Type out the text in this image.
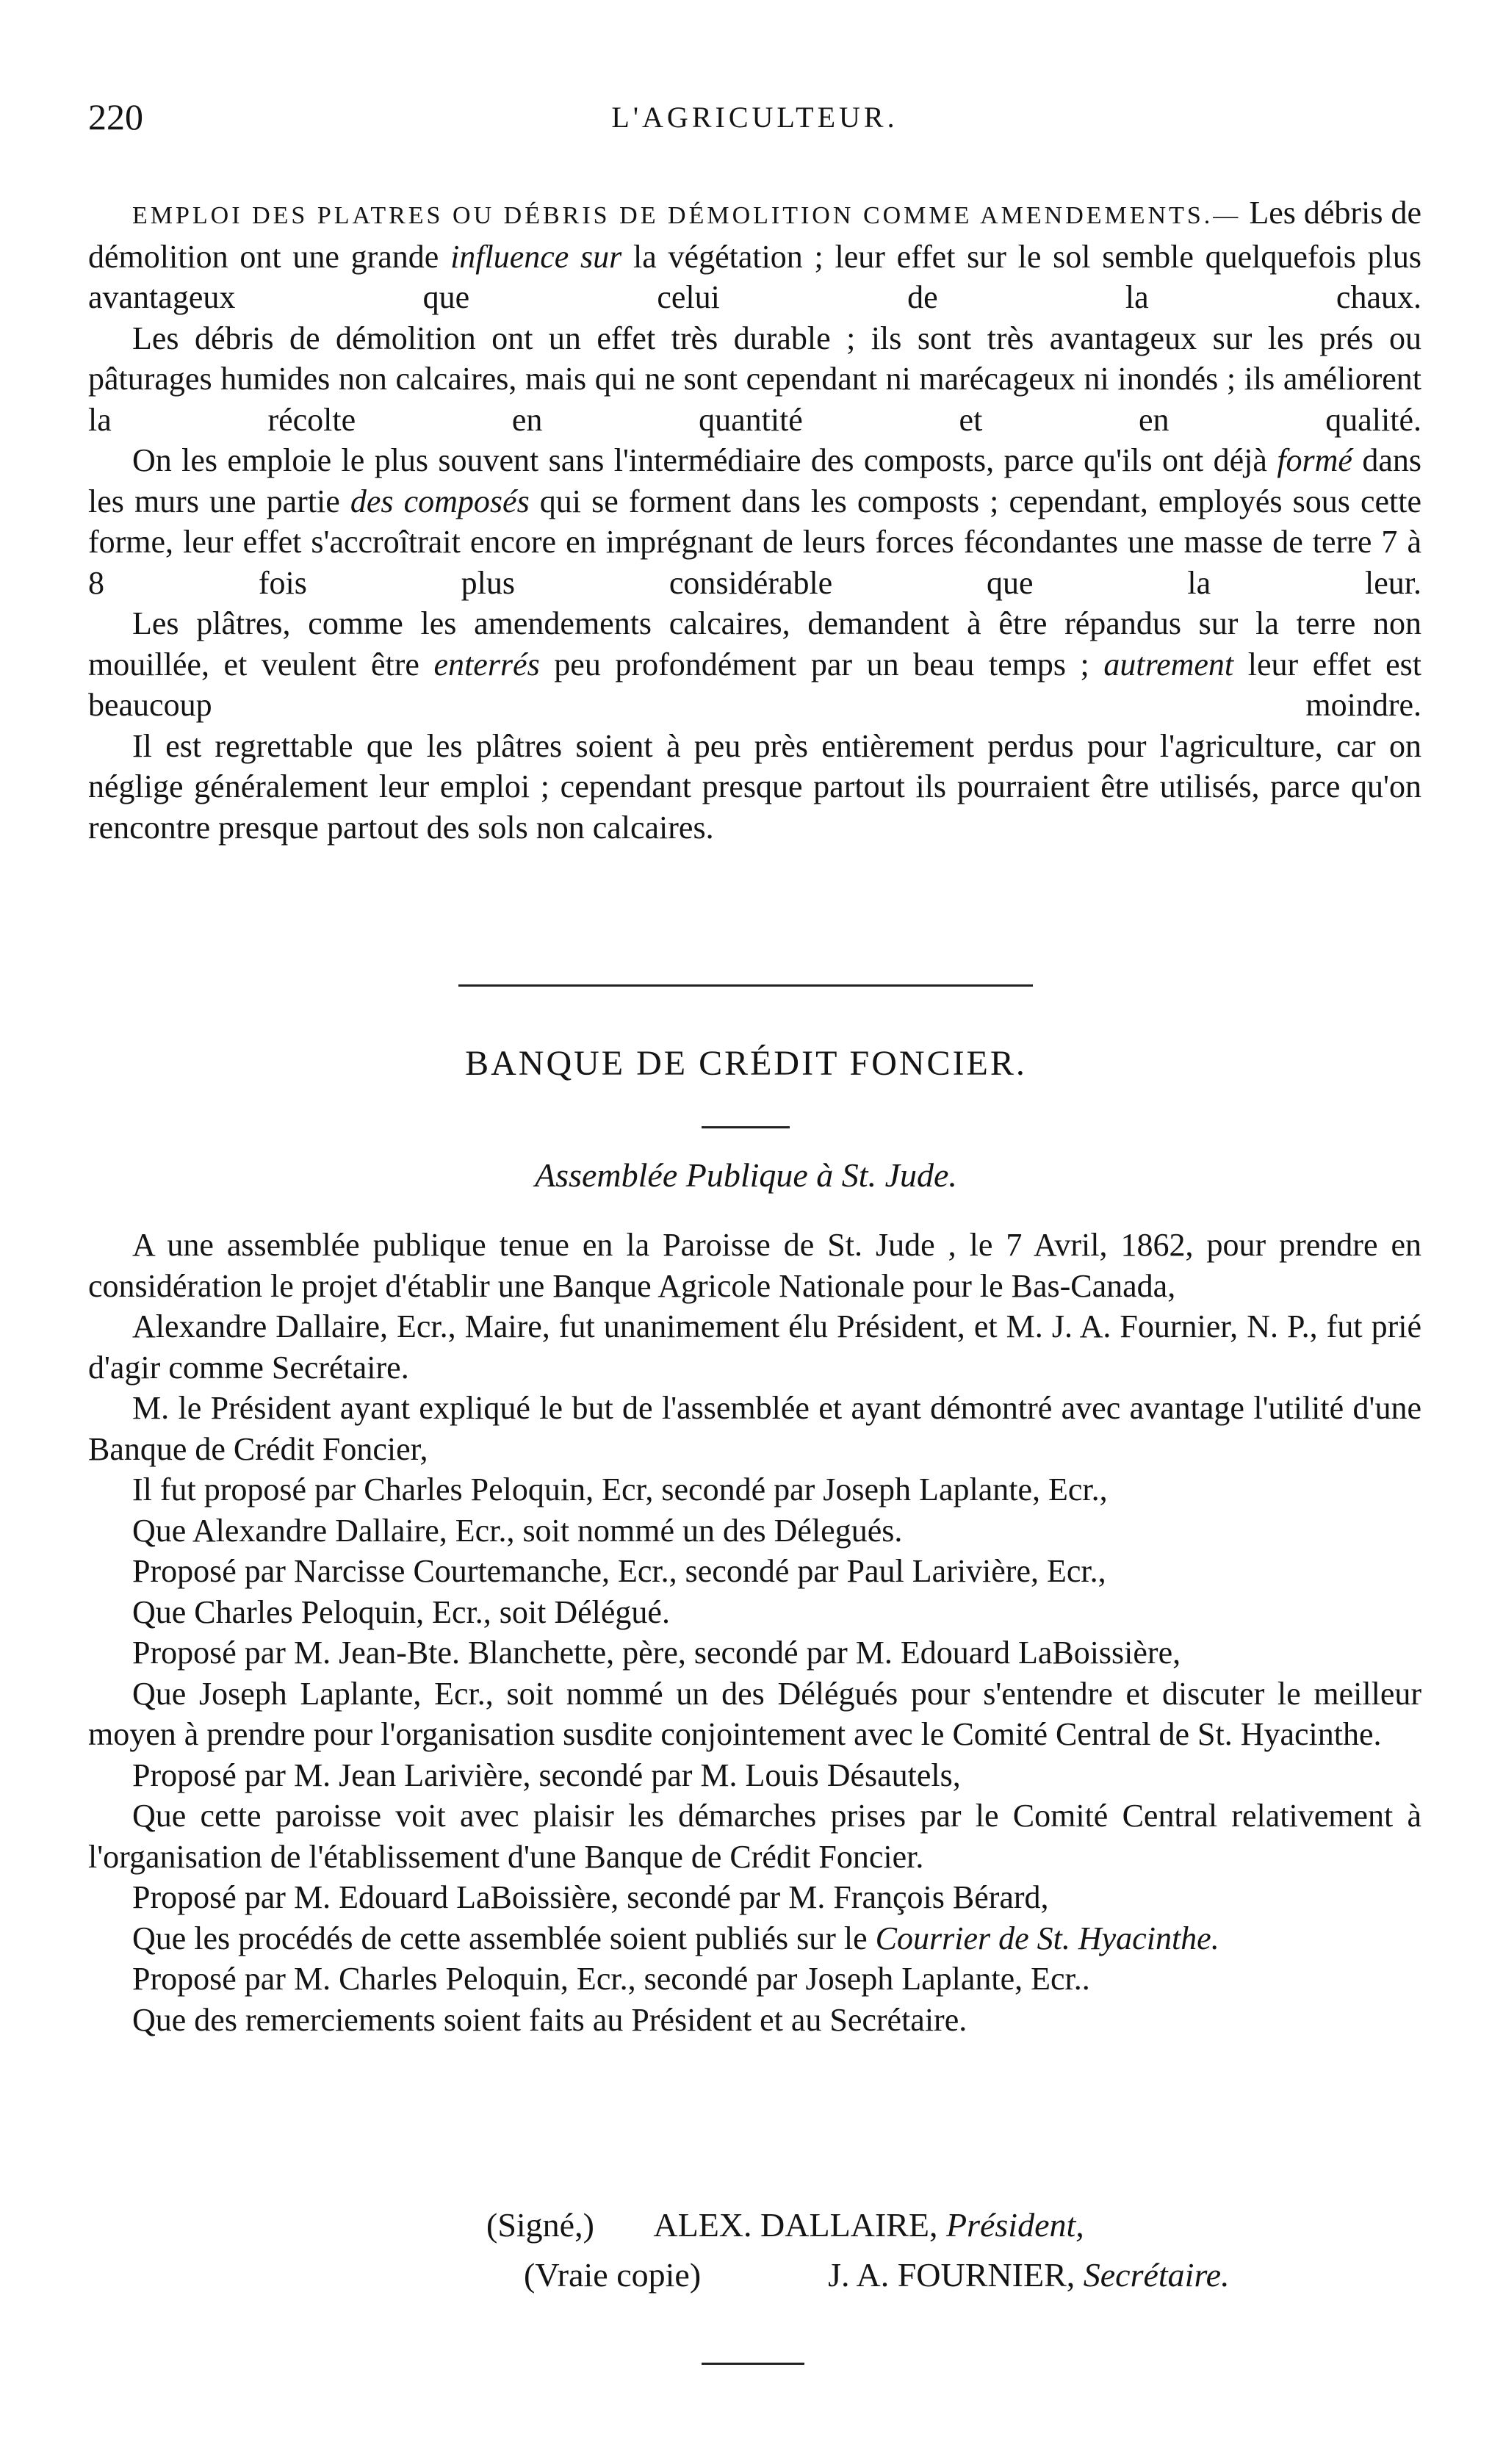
220	L'AGRICULTEUR.

EMPLOI DES PLATRES OU DÉBRIS DE DÉMOLITION COMME AMENDEMENTS.— Les débris de démolition ont une grande influence sur la végétation ; leur effet sur le sol semble quelquefois plus avantageux que celui de la chaux.

Les débris de démolition ont un effet très durable ; ils sont très avantageux sur les prés ou pâturages humides non calcaires, mais qui ne sont cependant ni marécageux ni inondés ; ils améliorent la récolte en quantité et en qualité.

On les emploie le plus souvent sans l'intermédiaire des composts, parce qu'ils ont déjà formé dans les murs une partie des composés qui se forment dans les composts ; cependant, employés sous cette forme, leur effet s'accroîtrait encore en imprégnant de leurs forces fécondantes une masse de terre 7 à 8 fois plus considérable que la leur.

Les plâtres, comme les amendements calcaires, demandent à être répandus sur la terre non mouillée, et veulent être enterrés peu profondément par un beau temps ; autrement leur effet est beaucoup moindre.

Il est regrettable que les plâtres soient à peu près entièrement perdus pour l'agriculture, car on néglige généralement leur emploi ; cependant presque partout ils pourraient être utilisés, parce qu'on rencontre presque partout des sols non calcaires.

BANQUE DE CRÉDIT FONCIER.
Assemblée Publique à St. Jude.

A une assemblée publique tenue en la Paroisse de St. Jude , le 7 Avril, 1862, pour prendre en considération le projet d'établir une Banque Agricole Nationale pour le Bas-Canada,

Alexandre Dallaire, Ecr., Maire, fut unanimement élu Président, et M. J. A. Fournier, N. P., fut prié d'agir comme Secrétaire.

M. le Président ayant expliqué le but de l'assemblée et ayant démontré avec avantage l'utilité d'une Banque de Crédit Foncier,

Il fut proposé par Charles Peloquin, Ecr, secondé par Joseph Laplante, Ecr.,

Que Alexandre Dallaire, Ecr., soit nommé un des Délegués.

Proposé par Narcisse Courtemanche, Ecr., secondé par Paul Larivière, Ecr.,

Que Charles Peloquin, Ecr., soit Délégué.

Proposé par M. Jean-Bte. Blanchette, père, secondé par M. Edouard LaBoissière,

Que Joseph Laplante, Ecr., soit nommé un des Délégués pour s'entendre et discuter le meilleur moyen à prendre pour l'organisation susdite conjointement avec le Comité Central de St. Hyacinthe.

Proposé par M. Jean Larivière, secondé par M. Louis Désautels,

Que cette paroisse voit avec plaisir les démarches prises par le Comité Central relativement à l'organisation de l'établissement d'une Banque de Crédit Foncier.

Proposé par M. Edouard LaBoissière, secondé par M. François Bérard,

Que les procédés de cette assemblée soient publiés sur le Courrier de St. Hyacinthe.

Proposé par M. Charles Peloquin, Ecr., secondé par Joseph Laplante, Ecr..

Que des remerciements soient faits au Président et au Secrétaire.

(Signé,) ALEX. DALLAIRE, Président,
(Vraie copie)	J. A. FOURNIER, Secrétaire.
